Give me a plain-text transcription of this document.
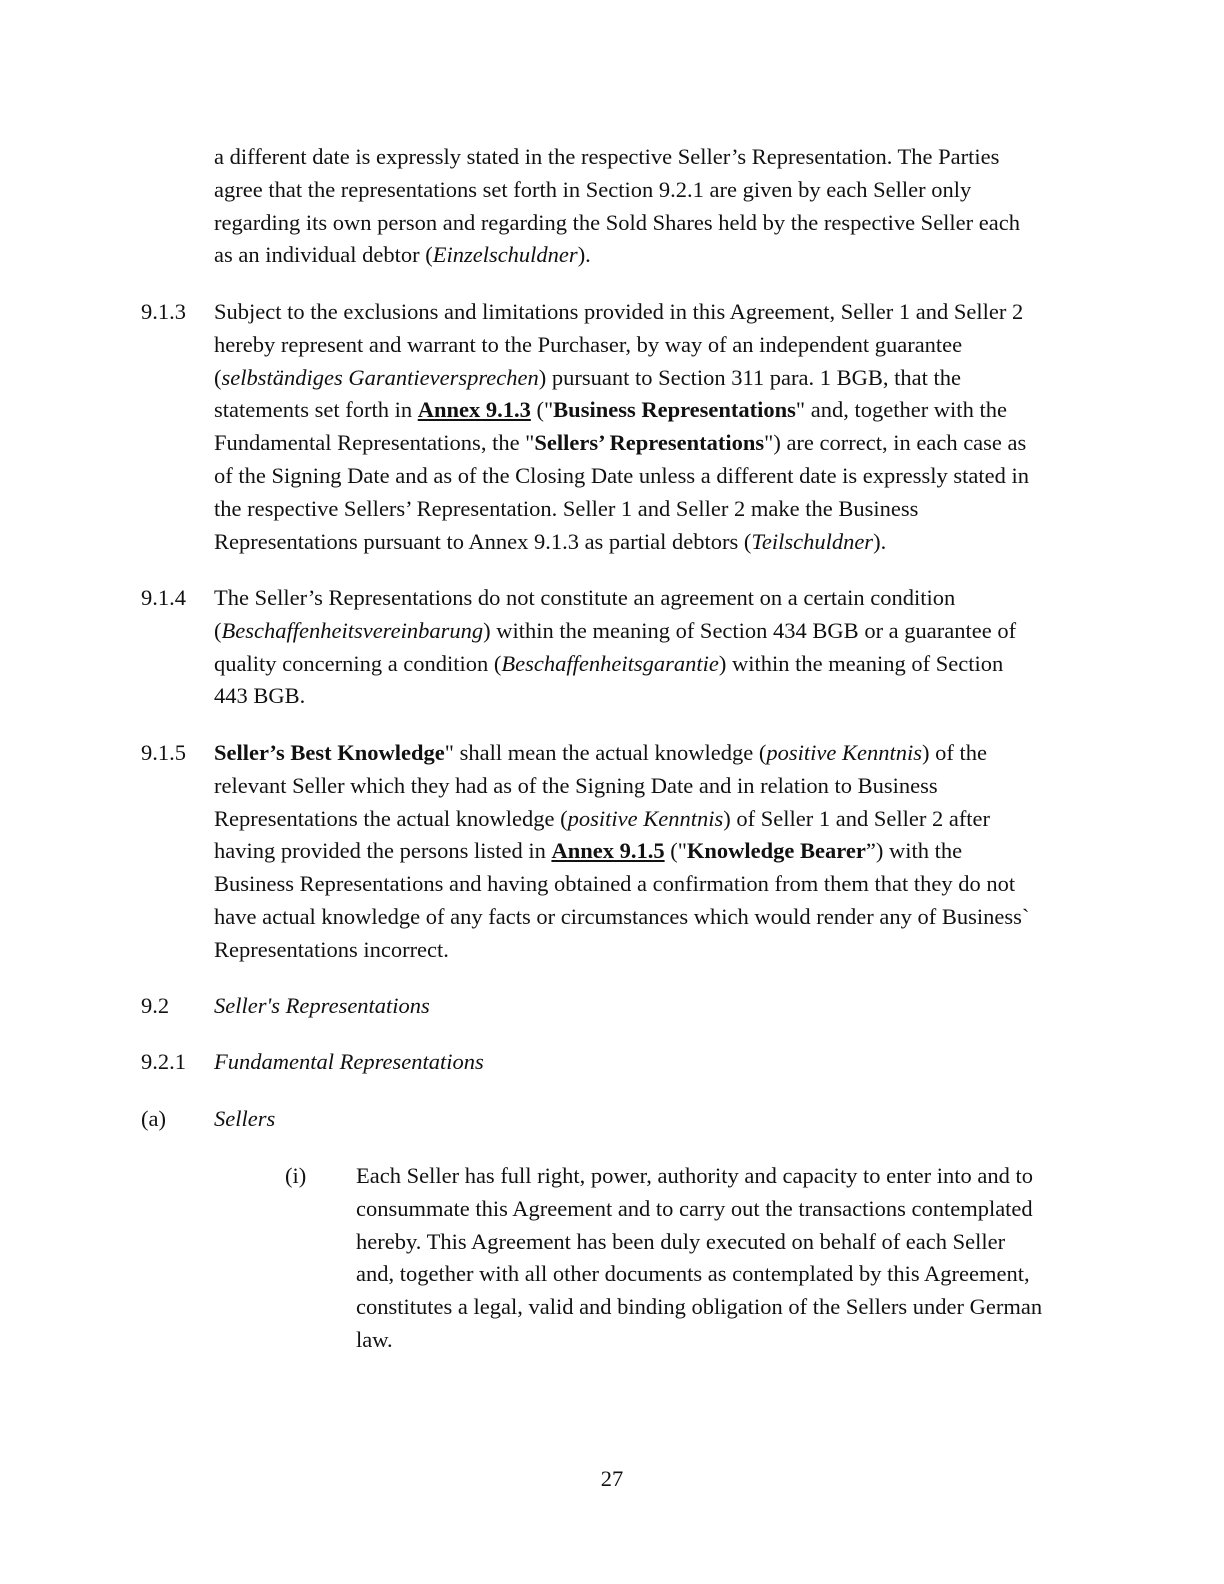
a different date is expressly stated in the respective Seller’s Representation. The Parties
agree that the representations set forth in Section 9.2.1 are given by each Seller only
regarding its own person and regarding the Sold Shares held by the respective Seller each
as an individual debtor (Einzelschuldner).
9.1.3 Subject to the exclusions and limitations provided in this Agreement, Seller 1 and Seller 2
hereby represent and warrant to the Purchaser, by way of an independent guarantee
(selbständiges Garantieversprechen) pursuant to Section 311 para. 1 BGB, that the
statements set forth in Annex 9.1.3 ("Business Representations" and, together with the
Fundamental Representations, the "Sellers’ Representations") are correct, in each case as
of the Signing Date and as of the Closing Date unless a different date is expressly stated in
the respective Sellers’ Representation. Seller 1 and Seller 2 make the Business
Representations pursuant to Annex 9.1.3 as partial debtors (Teilschuldner).
9.1.4 The Seller’s Representations do not constitute an agreement on a certain condition
(Beschaffenheitsvereinbarung) within the meaning of Section 434 BGB or a guarantee of
quality concerning a condition (Beschaffenheitsgarantie) within the meaning of Section
443 BGB.
9.1.5 Seller’s Best Knowledge" shall mean the actual knowledge (positive Kenntnis) of the
relevant Seller which they had as of the Signing Date and in relation to Business
Representations the actual knowledge (positive Kenntnis) of Seller 1 and Seller 2 after
having provided the persons listed in Annex 9.1.5 ("Knowledge Bearer”) with the
Business Representations and having obtained a confirmation from them that they do not
have actual knowledge of any facts or circumstances which would render any of Business`
Representations incorrect.
9.2 Seller's Representations
9.2.1 Fundamental Representations
(a) Sellers
(i) Each Seller has full right, power, authority and capacity to enter into and to
consummate this Agreement and to carry out the transactions contemplated
hereby. This Agreement has been duly executed on behalf of each Seller
and, together with all other documents as contemplated by this Agreement,
constitutes a legal, valid and binding obligation of the Sellers under German
law.
27
